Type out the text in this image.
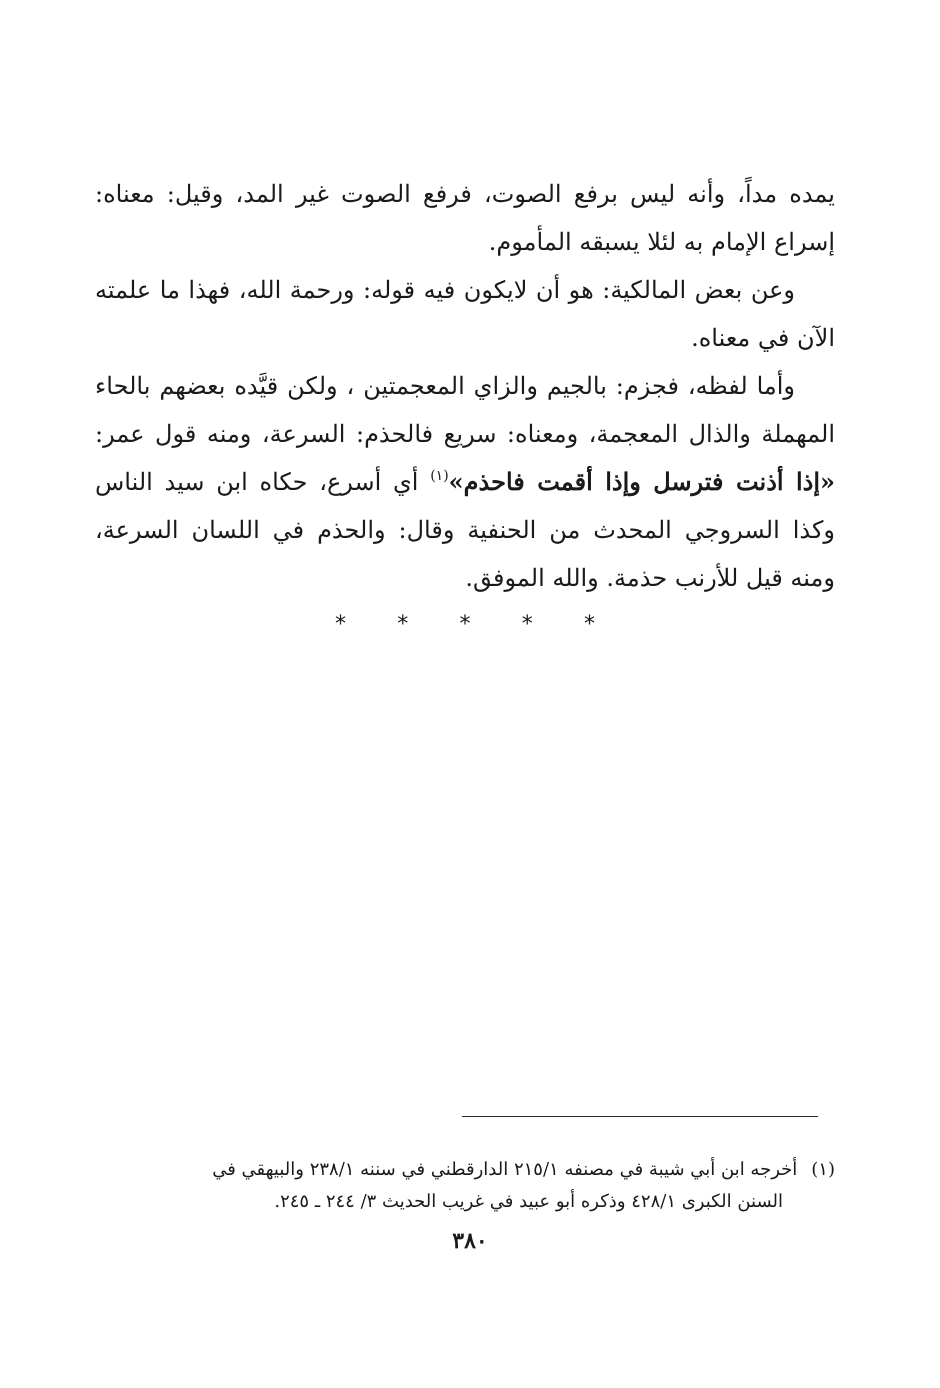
يمده مداً، وأنه ليس برفع الصوت، فرفع الصوت غير المد، وقيل: معناه: إسراع الإمام به لئلا يسبقه المأموم.

وعن بعض المالكية: هو أن لايكون فيه قوله: ورحمة الله، فهذا ما علمته الآن في معناه.

وأما لفظه، فجزم: بالجيم والزاي المعجمتين ، ولكن قيَّده بعضهم بالحاء المهملة والذال المعجمة، ومعناه: سريع فالحذم: السرعة، ومنه قول عمر: «إذا أذنت فترسل وإذا أقمت فاحذم»$^{(١)}$ أي أسرع، حكاه ابن سيد الناس وكذا السروجي المحدث من الحنفية وقال: والحذم في اللسان السرعة، ومنه قيل للأرنب حذمة. والله الموفق.

* * * * *
(١)أخرجه ابن أبي شيبة في مصنفه ٢١٥/١ الدارقطني في سننه ٢٣٨/١ والبيهقي في
السنن الكبرى ٤٢٨/١ وذكره أبو عبيد في غريب الحديث ٣/ ٢٤٤ ـ ٢٤٥.
٣٨٠
